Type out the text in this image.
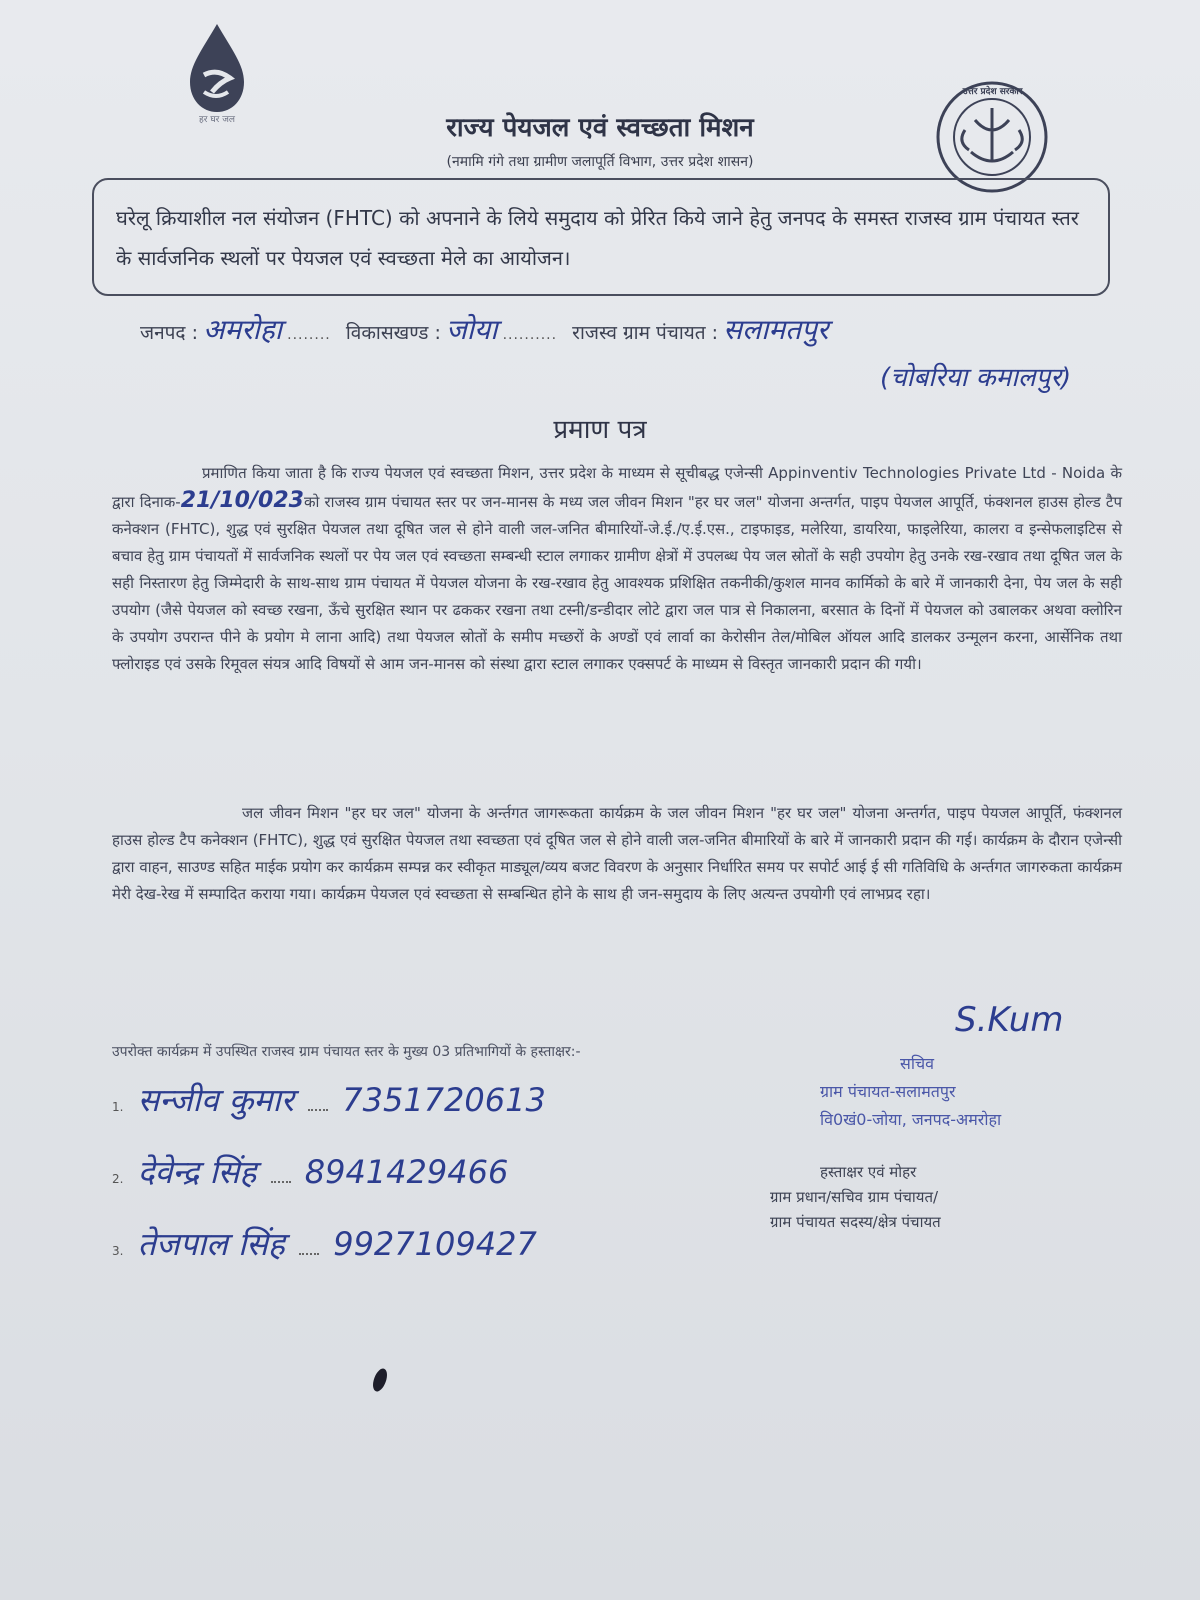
हर घर जल
उत्तर प्रदेश सरकार
राज्य पेयजल एवं स्वच्छता मिशन
(नमामि गंगे तथा ग्रामीण जलापूर्ति विभाग, उत्तर प्रदेश शासन)
घरेलू क्रियाशील नल संयोजन (FHTC) को अपनाने के लिये समुदाय को प्रेरित किये जाने हेतु जनपद के समस्त राजस्व ग्राम पंचायत स्तर के सार्वजनिक स्थलों पर पेयजल एवं स्वच्छता मेले का आयोजन।
जनपद : अमरोहा ........ विकासखण्ड : जोया .......... राजस्व ग्राम पंचायत : सलामतपुर
(चोबरिया कमालपुर)
प्रमाण पत्र
प्रमाणित किया जाता है कि राज्य पेयजल एवं स्वच्छता मिशन, उत्तर प्रदेश के माध्यम से सूचीबद्ध एजेन्सी Appinventiv Technologies Private Ltd - Noida के द्वारा दिनाक-21/10/023को राजस्व ग्राम पंचायत स्तर पर जन-मानस के मध्य जल जीवन मिशन "हर घर जल" योजना अन्तर्गत, पाइप पेयजल आपूर्ति, फंक्शनल हाउस होल्ड टैप कनेक्शन (FHTC), शुद्ध एवं सुरक्षित पेयजल तथा दूषित जल से होने वाली जल-जनित बीमारियों-जे.ई./ए.ई.एस., टाइफाइड, मलेरिया, डायरिया, फाइलेरिया, कालरा व इन्सेफलाइटिस से बचाव हेतु ग्राम पंचायतों में सार्वजनिक स्थलों पर पेय जल एवं स्वच्छता सम्बन्धी स्टाल लगाकर ग्रामीण क्षेत्रों में उपलब्ध पेय जल स्रोतों के सही उपयोग हेतु उनके रख-रखाव तथा दूषित जल के सही निस्तारण हेतु जिम्मेदारी के साथ-साथ ग्राम पंचायत में पेयजल योजना के रख-रखाव हेतु आवश्यक प्रशिक्षित तकनीकी/कुशल मानव कार्मिको के बारे में जानकारी देना, पेय जल के सही उपयोग (जैसे पेयजल को स्वच्छ रखना, ऊँचे सुरक्षित स्थान पर ढककर रखना तथा टस्नी/डन्डीदार लोटे द्वारा जल पात्र से निकालना, बरसात के दिनों में पेयजल को उबालकर अथवा क्लोरिन के उपयोग उपरान्त पीने के प्रयोग मे लाना आदि) तथा पेयजल स्रोतों के समीप मच्छरों के अण्डों एवं लार्वा का केरोसीन तेल/मोबिल ऑयल आदि डालकर उन्मूलन करना, आर्सेनिक तथा फ्लोराइड एवं उसके रिमूवल संयत्र आदि विषयों से आम जन-मानस को संस्था द्वारा स्टाल लगाकर एक्सपर्ट के माध्यम से विस्तृत जानकारी प्रदान की गयी।
जल जीवन मिशन "हर घर जल" योजना के अर्न्तगत जागरूकता कार्यक्रम के जल जीवन मिशन "हर घर जल" योजना अन्तर्गत, पाइप पेयजल आपूर्ति, फंक्शनल हाउस होल्ड टैप कनेक्शन (FHTC), शुद्ध एवं सुरक्षित पेयजल तथा स्वच्छता एवं दूषित जल से होने वाली जल-जनित बीमारियों के बारे में जानकारी प्रदान की गई। कार्यक्रम के दौरान एजेन्सी द्वारा वाहन, साउण्ड सहित माईक प्रयोग कर कार्यक्रम सम्पन्न कर स्वीकृत माड्यूल/व्यय बजट विवरण के अनुसार निर्धारित समय पर सपोर्ट आई ई सी गतिविधि के अर्न्तगत जागरुकता कार्यक्रम मेरी देख-रेख में सम्पादित कराया गया। कार्यक्रम पेयजल एवं स्वच्छता से सम्बन्धित होने के साथ ही जन-समुदाय के लिए अत्यन्त उपयोगी एवं लाभप्रद रहा।
उपरोक्त कार्यक्रम में उपस्थित राजस्व ग्राम पंचायत स्तर के मुख्य 03 प्रतिभागियों के हस्ताक्षर:-
1. सन्जीव कुमार 7351720613
2. देवेन्द्र सिंह 8941429466
3. तेजपाल सिंह 9927109427
S.Kum
सचिव
ग्राम पंचायत-सलामतपुर
वि0खं0-जोया, जनपद-अमरोहा
हस्ताक्षर एवं मोहर
ग्राम प्रधान/सचिव ग्राम पंचायत/
ग्राम पंचायत सदस्य/क्षेत्र पंचायत
